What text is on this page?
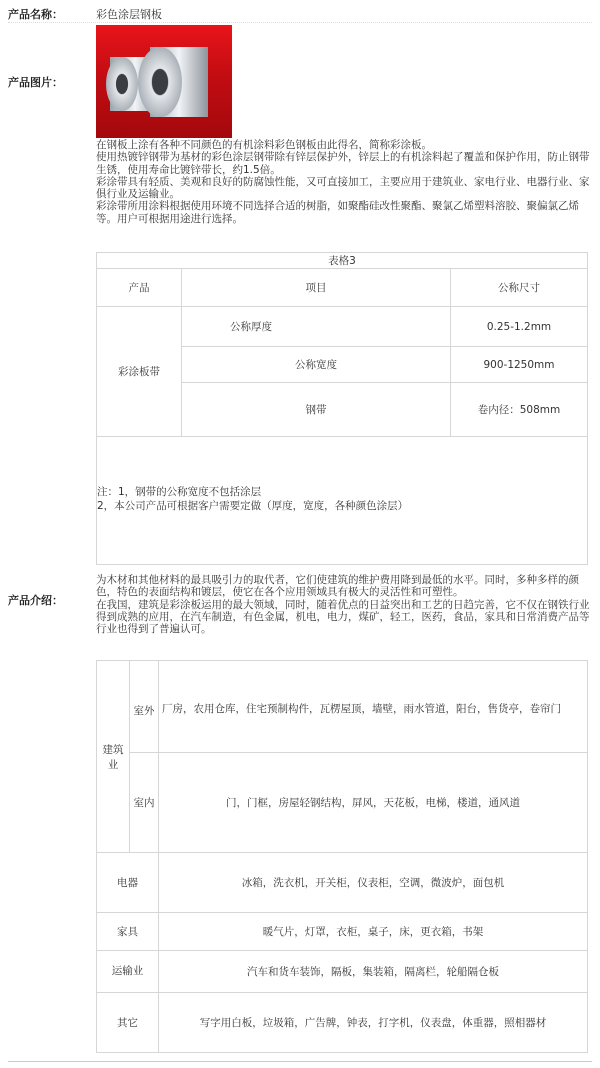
产品名称：	彩色涂层钢板
产品图片：

在钢板上涂有各种不同颜色的有机涂料彩色钢板由此得名，简称彩涂板。

使用热镀锌钢带为基材的彩色涂层钢带除有锌层保护外，锌层上的有机涂料起了覆盖和保护作用，防止钢带生锈，使用寿命比镀锌带长，约1.5倍。

彩涂带具有轻质、美观和良好的防腐蚀性能，又可直接加工，主要应用于建筑业、家电行业、电器行业、家俱行业及运输业。

彩涂带所用涂料根据使用环境不同选择合适的树脂，如聚酯硅改性聚酯、聚氯乙烯塑料溶胶、聚偏氯乙烯等。用户可根据用途进行选择。

表格3		
产品	项目	公称尺寸
彩涂板带	公称厚度	0.25-1.2mm
	公称宽度	900-1250mm
	钢带	卷内径：508mm

注：1，钢带的公称宽度不包括涂层
2，本公司产品可根据客户需要定做（厚度，宽度，各种颜色涂层）		
产品介绍：

为木材和其他材料的最具吸引力的取代者，它们使建筑的维护费用降到最低的水平。同时，多种多样的颜色，特色的表面结构和镀层，使它在各个应用领域具有极大的灵活性和可塑性。

在我国，建筑是彩涂板运用的最大领域，同时，随着优点的日益突出和工艺的日趋完善，它不仅在钢铁行业得到成熟的应用，在汽车制造，有色金属，机电，电力，煤矿，轻工，医药，食品，家具和日常消费产品等行业也得到了普遍认可。

建筑业		
	室外	厂房，农用仓库，住宅预制构件，瓦楞屋顶，墙壁，雨水管道，阳台，售货亭，卷帘门
	室内	门，门框，房屋轻钢结构，屏风，天花板，电梯，楼道，通风道
电器		冰箱，洗衣机，开关柜，仪表柜，空调，微波炉，面包机
家具		暖气片，灯罩，衣柜，桌子，床，更衣箱，书架
运输业		汽车和货车装饰，隔板，集装箱，隔离栏，轮船隔仓板
其它		写字用白板，垃圾箱，广告牌，钟表，打字机，仪表盘，体重器，照相器材
